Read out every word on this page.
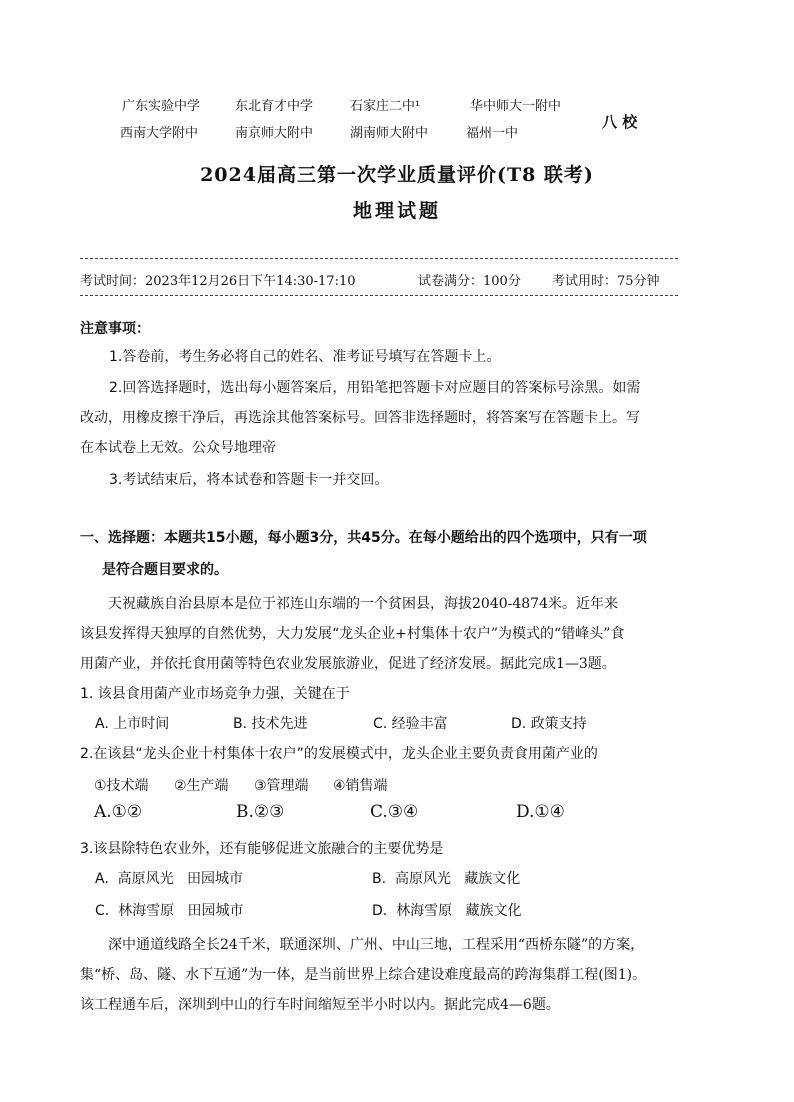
广东实验中学	东北育才中学	石家庄二中¹	华中师大一附中
西南大学附中	南京师大附中	湖南师大附中	福州一中
八 校
2024届高三第一次学业质量评价(T8 联考)
地理试题
考试时间：2023年12月26日下午14:30-17:10	试卷满分：100分 考试用时：75分钟
注意事项：
1.答卷前，考生务必将自己的姓名、准考证号填写在答题卡上。
2.回答选择题时，选出每小题答案后，用铅笔把答题卡对应题目的答案标号涂黑。如需
改动，用橡皮擦干净后，再选涂其他答案标号。回答非选择题时，将答案写在答题卡上。写
在本试卷上无效。公众号地理帝
3.考试结束后，将本试卷和答题卡一并交回。
一、选择题：本题共15小题，每小题3分，共45分。在每小题给出的四个选项中，只有一项
是符合题目要求的。
天祝藏族自治县原本是位于祁连山东端的一个贫困县，海拔2040-4874米。近年来
该县发挥得天独厚的自然优势，大力发展“龙头企业+村集体十农户”为模式的“错峰头”食
用菌产业，并依托食用菌等特色农业发展旅游业，促进了经济发展。据此完成1—3题。
1. 该县食用菌产业市场竞争力强，关键在于
A. 上市时间	B. 技术先进	C. 经验丰富	D. 政策支持
2.在该县“龙头企业十村集体十农户”的发展模式中，龙头企业主要负责食用菌产业的
①技术端 ②生产端 ③管理端 ④销售端
A.①②	B.②③	C.③④	D.①④
3.该县除特色农业外，还有能够促进文旅融合的主要优势是
A.  高原风光   田园城市	B.  高原风光   藏族文化
C.  林海雪原   田园城市	D.  林海雪原   藏族文化
深中通道线路全长24千米，联通深圳、广州、中山三地，工程采用“西桥东隧”的方案，
集“桥、岛、隧、水下互通”为一体，是当前世界上综合建设难度最高的跨海集群工程(图1)。
该工程通车后，深圳到中山的行车时间缩短至半小时以内。据此完成4—6题。
